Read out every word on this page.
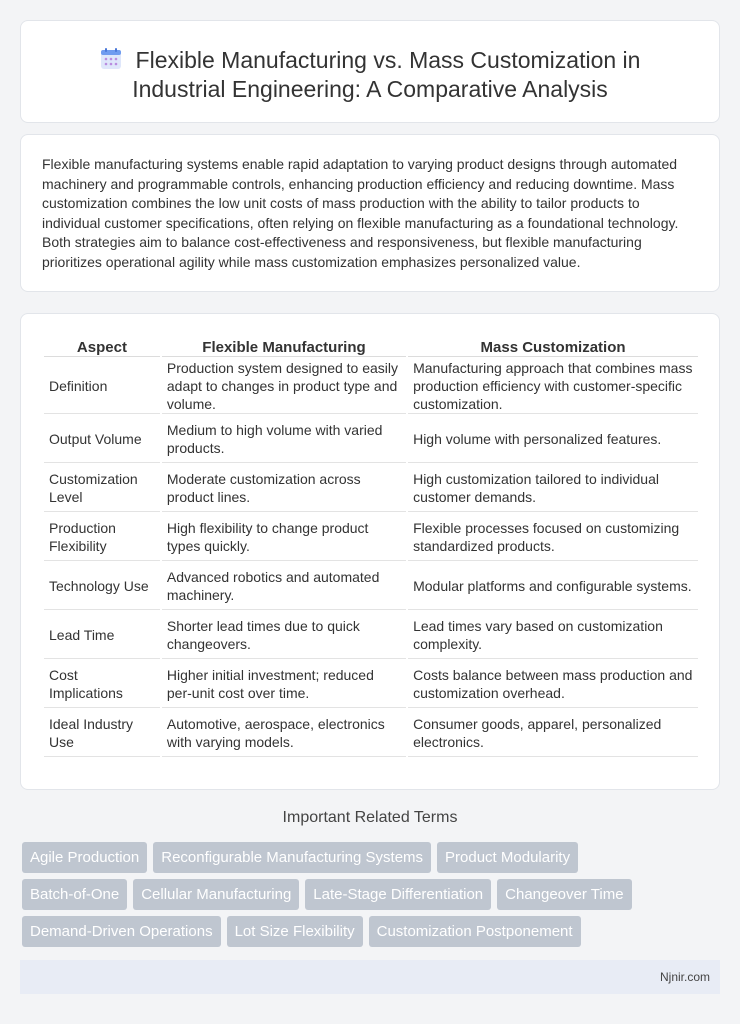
Flexible Manufacturing vs. Mass Customization in
Industrial Engineering: A Comparative Analysis

Flexible manufacturing systems enable rapid adaptation to varying product designs through automated machinery and programmable controls, enhancing production efficiency and reducing downtime. Mass customization combines the low unit costs of mass production with the ability to tailor products to individual customer specifications, often relying on flexible manufacturing as a foundational technology. Both strategies aim to balance cost-effectiveness and responsiveness, but flexible manufacturing prioritizes operational agility while mass customization emphasizes personalized value.

Aspect	Flexible Manufacturing	Mass Customization
Definition	Production system designed to easily adapt to changes in product type and volume.	Manufacturing approach that combines mass production efficiency with customer-specific customization.
Output Volume	Medium to high volume with varied products.	High volume with personalized features.
Customization Level	Moderate customization across product lines.	High customization tailored to individual customer demands.
Production Flexibility	High flexibility to change product types quickly.	Flexible processes focused on customizing standardized products.
Technology Use	Advanced robotics and automated machinery.	Modular platforms and configurable systems.
Lead Time	Shorter lead times due to quick changeovers.	Lead times vary based on customization complexity.
Cost Implications	Higher initial investment; reduced per-unit cost over time.	Costs balance between mass production and customization overhead.
Ideal Industry Use	Automotive, aerospace, electronics with varying models.	Consumer goods, apparel, personalized electronics.
Important Related Terms
Agile Production	Reconfigurable Manufacturing Systems	Product Modularity
Batch-of-One	Cellular Manufacturing	Late-Stage Differentiation	Changeover Time
Demand-Driven Operations	Lot Size Flexibility	Customization Postponement
Njnir.com
